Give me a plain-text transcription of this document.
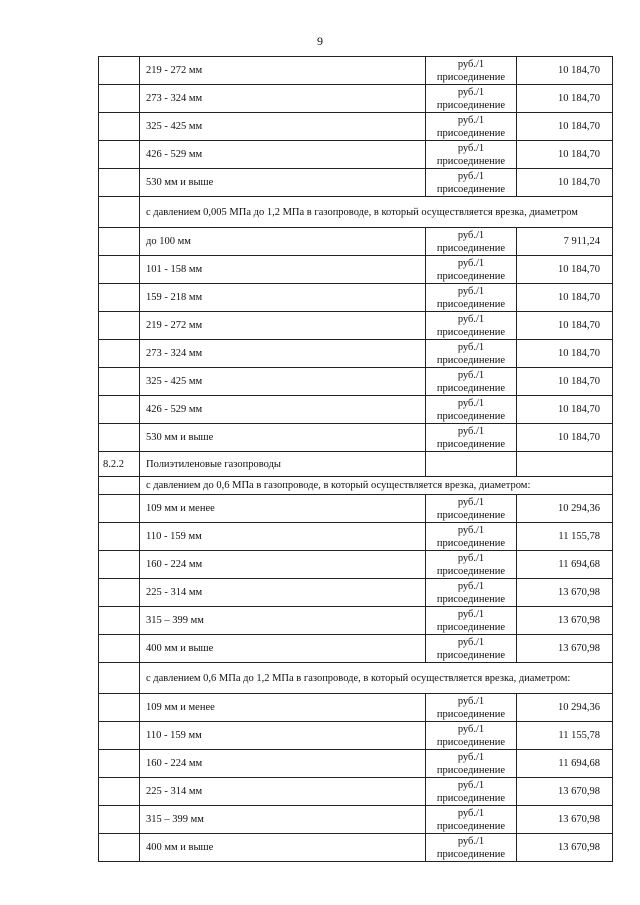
9
	219 - 272 мм	руб./1 присоединение	10 184,70
	273 - 324 мм	руб./1 присоединение	10 184,70
	325 - 425 мм	руб./1 присоединение	10 184,70
	426 - 529 мм	руб./1 присоединение	10 184,70
	530 мм и выше	руб./1 присоединение	10 184,70
	с давлением 0,005 МПа до 1,2 МПа в газопроводе, в который осуществляется врезка, диаметром		
	до 100 мм	руб./1 присоединение	7 911,24
	101 - 158 мм	руб./1 присоединение	10 184,70
	159 - 218 мм	руб./1 присоединение	10 184,70
	219 - 272 мм	руб./1 присоединение	10 184,70
	273 - 324 мм	руб./1 присоединение	10 184,70
	325 - 425 мм	руб./1 присоединение	10 184,70
	426 - 529 мм	руб./1 присоединение	10 184,70
	530 мм и выше	руб./1 присоединение	10 184,70
8.2.2	Полиэтиленовые газопроводы		
	с давлением до 0,6 МПа в газопроводе, в который осуществляется врезка, диаметром:		
	109 мм и менее	руб./1 присоединение	10 294,36
	110 - 159 мм	руб./1 присоединение	11 155,78
	160 - 224 мм	руб./1 присоединение	11 694,68
	225 - 314 мм	руб./1 присоединение	13 670,98
	315 – 399 мм	руб./1 присоединение	13 670,98
	400 мм и выше	руб./1 присоединение	13 670,98
	с давлением 0,6 МПа до 1,2 МПа в газопроводе, в который осуществляется врезка, диаметром:		
	109 мм и менее	руб./1 присоединение	10 294,36
	110 - 159 мм	руб./1 присоединение	11 155,78
	160 - 224 мм	руб./1 присоединение	11 694,68
	225 - 314 мм	руб./1 присоединение	13 670,98
	315 – 399 мм	руб./1 присоединение	13 670,98
	400 мм и выше	руб./1 присоединение	13 670,98
